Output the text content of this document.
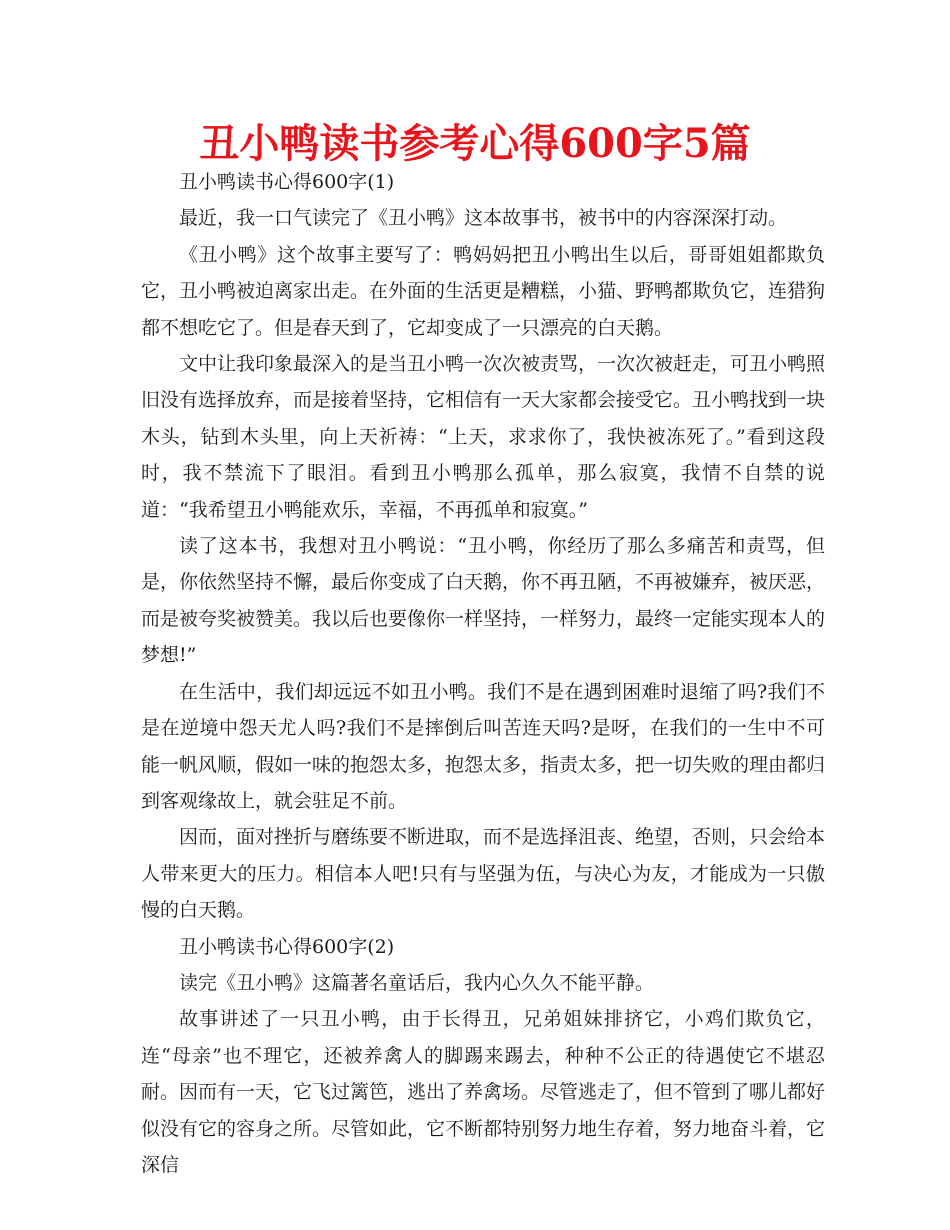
丑小鸭读书参考心得600字5篇

丑小鸭读书心得600字(1)

最近，我一口气读完了《丑小鸭》这本故事书，被书中的内容深深打动。

《丑小鸭》这个故事主要写了：鸭妈妈把丑小鸭出生以后，哥哥姐姐都欺负它，丑小鸭被迫离家出走。在外面的生活更是糟糕，小猫、野鸭都欺负它，连猎狗都不想吃它了。但是春天到了，它却变成了一只漂亮的白天鹅。

文中让我印象最深入的是当丑小鸭一次次被责骂，一次次被赶走，可丑小鸭照旧没有选择放弃，而是接着坚持，它相信有一天大家都会接受它。丑小鸭找到一块木头，钻到木头里，向上天祈祷：“上天，求求你了，我快被冻死了。”看到这段时，我不禁流下了眼泪。看到丑小鸭那么孤单，那么寂寞，我情不自禁的说道：“我希望丑小鸭能欢乐，幸福，不再孤单和寂寞。”

读了这本书，我想对丑小鸭说：“丑小鸭，你经历了那么多痛苦和责骂，但是，你依然坚持不懈，最后你变成了白天鹅，你不再丑陋，不再被嫌弃，被厌恶，而是被夸奖被赞美。我以后也要像你一样坚持，一样努力，最终一定能实现本人的梦想!”

在生活中，我们却远远不如丑小鸭。我们不是在遇到困难时退缩了吗?我们不是在逆境中怨天尤人吗?我们不是摔倒后叫苦连天吗?是呀，在我们的一生中不可能一帆风顺，假如一味的抱怨太多，抱怨太多，指责太多，把一切失败的理由都归到客观缘故上，就会驻足不前。

因而，面对挫折与磨练要不断进取，而不是选择沮丧、绝望，否则，只会给本人带来更大的压力。相信本人吧!只有与坚强为伍，与决心为友，才能成为一只傲慢的白天鹅。

丑小鸭读书心得600字(2)

读完《丑小鸭》这篇著名童话后，我内心久久不能平静。

故事讲述了一只丑小鸭，由于长得丑，兄弟姐妹排挤它，小鸡们欺负它，连“母亲”也不理它，还被养禽人的脚踢来踢去，种种不公正的待遇使它不堪忍耐。因而有一天，它飞过篱笆，逃出了养禽场。尽管逃走了，但不管到了哪儿都好似没有它的容身之所。尽管如此，它不断都特别努力地生存着，努力地奋斗着，它深信
